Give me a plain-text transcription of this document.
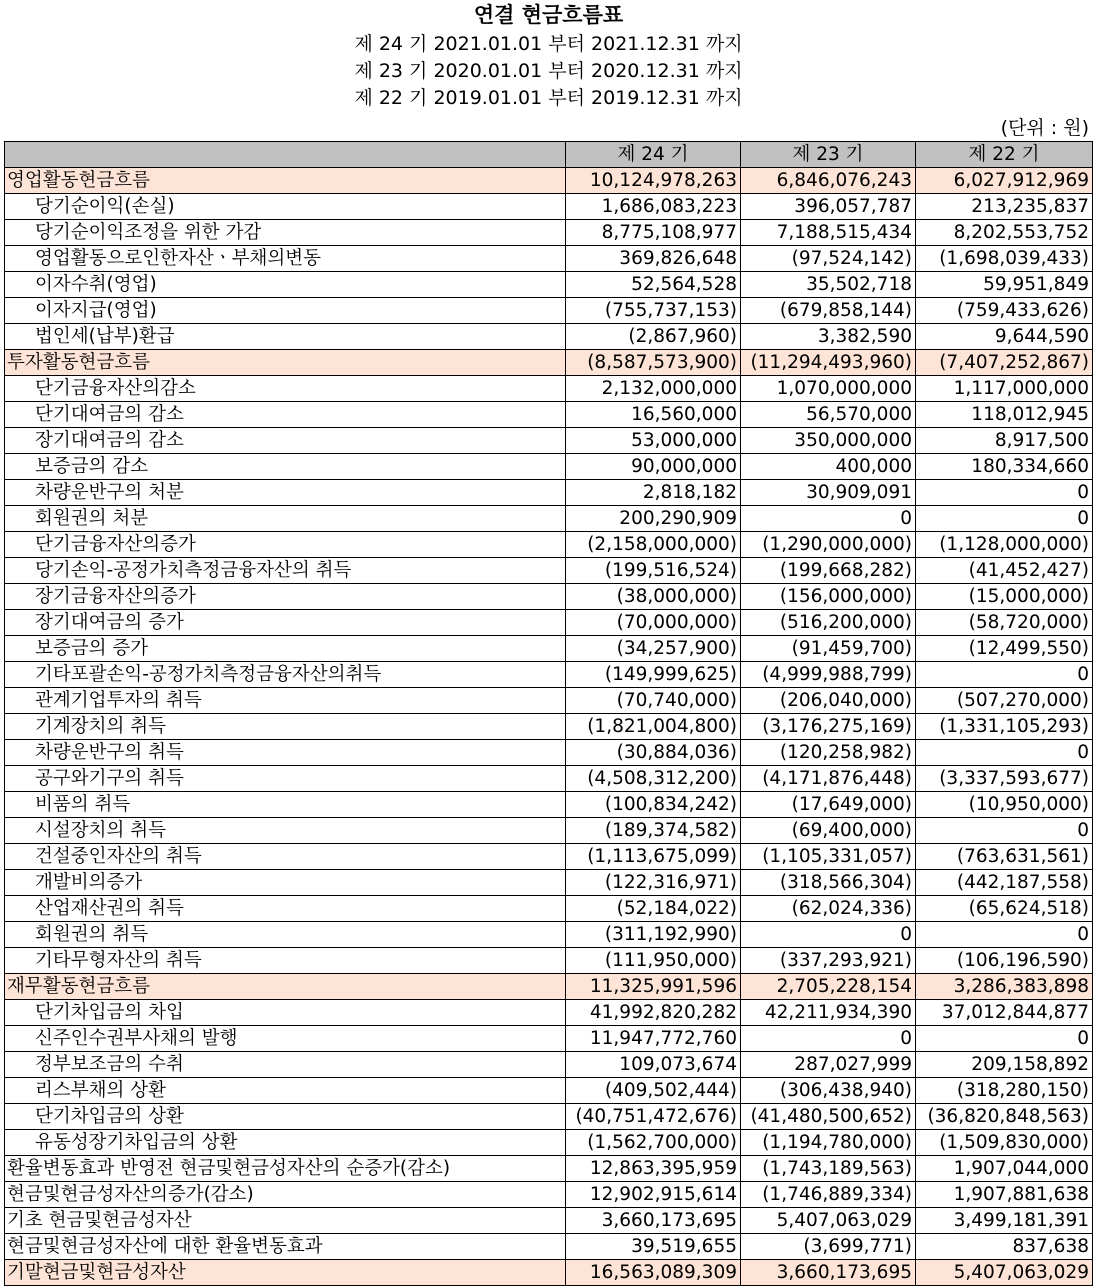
연결 현금흐름표
제 24 기 2021.01.01 부터 2021.12.31 까지
제 23 기 2020.01.01 부터 2020.12.31 까지
제 22 기 2019.01.01 부터 2019.12.31 까지
(단위 : 원)
	제 24 기	제 23 기	제 22 기
영업활동현금흐름	10,124,978,263	6,846,076,243	6,027,912,969
당기순이익(손실)	1,686,083,223	396,057,787	213,235,837
당기순이익조정을 위한 가감	8,775,108,977	7,188,515,434	8,202,553,752
영업활동으로인한자산ㆍ부채의변동	369,826,648	(97,524,142)	(1,698,039,433)
이자수취(영업)	52,564,528	35,502,718	59,951,849
이자지급(영업)	(755,737,153)	(679,858,144)	(759,433,626)
법인세(납부)환급	(2,867,960)	3,382,590	9,644,590
투자활동현금흐름	(8,587,573,900)	(11,294,493,960)	(7,407,252,867)
단기금융자산의감소	2,132,000,000	1,070,000,000	1,117,000,000
단기대여금의 감소	16,560,000	56,570,000	118,012,945
장기대여금의 감소	53,000,000	350,000,000	8,917,500
보증금의 감소	90,000,000	400,000	180,334,660
차량운반구의 처분	2,818,182	30,909,091	0
회원권의 처분	200,290,909	0	0
단기금융자산의증가	(2,158,000,000)	(1,290,000,000)	(1,128,000,000)
당기손익-공정가치측정금융자산의 취득	(199,516,524)	(199,668,282)	(41,452,427)
장기금융자산의증가	(38,000,000)	(156,000,000)	(15,000,000)
장기대여금의 증가	(70,000,000)	(516,200,000)	(58,720,000)
보증금의 증가	(34,257,900)	(91,459,700)	(12,499,550)
기타포괄손익-공정가치측정금융자산의취득	(149,999,625)	(4,999,988,799)	0
관계기업투자의 취득	(70,740,000)	(206,040,000)	(507,270,000)
기계장치의 취득	(1,821,004,800)	(3,176,275,169)	(1,331,105,293)
차량운반구의 취득	(30,884,036)	(120,258,982)	0
공구와기구의 취득	(4,508,312,200)	(4,171,876,448)	(3,337,593,677)
비품의 취득	(100,834,242)	(17,649,000)	(10,950,000)
시설장치의 취득	(189,374,582)	(69,400,000)	0
건설중인자산의 취득	(1,113,675,099)	(1,105,331,057)	(763,631,561)
개발비의증가	(122,316,971)	(318,566,304)	(442,187,558)
산업재산권의 취득	(52,184,022)	(62,024,336)	(65,624,518)
회원권의 취득	(311,192,990)	0	0
기타무형자산의 취득	(111,950,000)	(337,293,921)	(106,196,590)
재무활동현금흐름	11,325,991,596	2,705,228,154	3,286,383,898
단기차입금의 차입	41,992,820,282	42,211,934,390	37,012,844,877
신주인수권부사채의 발행	11,947,772,760	0	0
정부보조금의 수취	109,073,674	287,027,999	209,158,892
리스부채의 상환	(409,502,444)	(306,438,940)	(318,280,150)
단기차입금의 상환	(40,751,472,676)	(41,480,500,652)	(36,820,848,563)
유동성장기차입금의 상환	(1,562,700,000)	(1,194,780,000)	(1,509,830,000)
환율변동효과 반영전 현금및현금성자산의 순증가(감소)	12,863,395,959	(1,743,189,563)	1,907,044,000
현금및현금성자산의증가(감소)	12,902,915,614	(1,746,889,334)	1,907,881,638
기초 현금및현금성자산	3,660,173,695	5,407,063,029	3,499,181,391
현금및현금성자산에 대한 환율변동효과	39,519,655	(3,699,771)	837,638
기말현금및현금성자산	16,563,089,309	3,660,173,695	5,407,063,029
